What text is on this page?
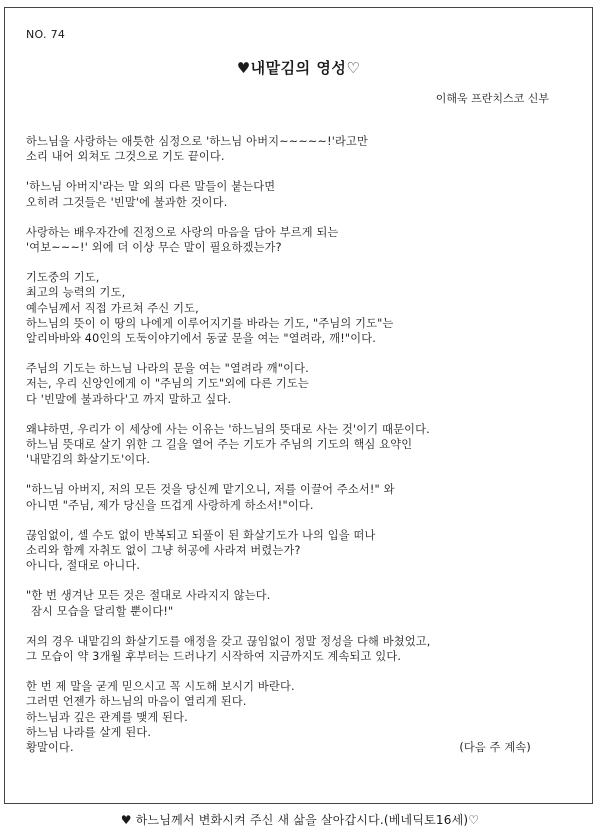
NO. 74
♥내맡김의 영성♡
이해욱 프란치스코 신부
하느님을 사랑하는 애틋한 심정으로 '하느님 아버지~~~~~!'라고만
소리 내어 외쳐도 그것으로 기도 끝이다.
'하느님 아버지'라는 말 외의 다른 말들이 붙는다면
오히려 그것들은 '빈말'에 불과한 것이다.
사랑하는 배우자간에 진정으로 사랑의 마음을 담아 부르게 되는
'여보~~~!' 외에 더 이상 무슨 말이 필요하겠는가?
기도중의 기도,
최고의 능력의 기도,
예수님께서 직접 가르쳐 주신 기도,
하느님의 뜻이 이 땅의 나에게 이루어지기를 바라는 기도, "주님의 기도"는
알리바바와 40인의 도둑이야기에서 동굴 문을 여는 "열려라, 깨!"이다.
주님의 기도는 하느님 나라의 문을 여는 "열려라 깨"이다.
저는, 우리 신앙인에게 이 "주님의 기도"외에 다른 기도는
다 '빈말에 불과하다'고 까지 말하고 싶다.
왜냐하면, 우리가 이 세상에 사는 이유는 '하느님의 뜻대로 사는 것'이기 때문이다.
하느님 뜻대로 살기 위한 그 길을 열어 주는 기도가 주님의 기도의 핵심 요약인
'내맡김의 화살기도'이다.
"하느님 아버지, 저의 모든 것을 당신께 맡기오니, 저를 이끌어 주소서!" 와
아니면 "주님, 제가 당신을 뜨겁게 사랑하게 하소서!"이다.
끊임없이, 셀 수도 없이 반복되고 되풀이 된 화살기도가 나의 입을 떠나
소리와 함께 자취도 없이 그냥 허공에 사라져 버렸는가?
아니다, 절대로 아니다.
"한 번 생겨난 모든 것은 절대로 사라지지 않는다.
잠시 모습을 달리할 뿐이다!"
저의 경우 내맡김의 화살기도를 애정을 갖고 끊임없이 정말 정성을 다해 바쳤었고,
그 모습이 약 3개월 후부터는 드러나기 시작하여 지금까지도 계속되고 있다.
한 번 제 말을 굳게 믿으시고 꼭 시도해 보시기 바란다.
그러면 언젠가 하느님의 마음이 열리게 된다.
하느님과 깊은 관계를 맺게 된다.
하느님 나라를 살게 된다.
황말이다.	(다음 주 계속)
♥ 하느님께서 변화시켜 주신 새 삶을 살아갑시다.(베네딕토16세)♡
